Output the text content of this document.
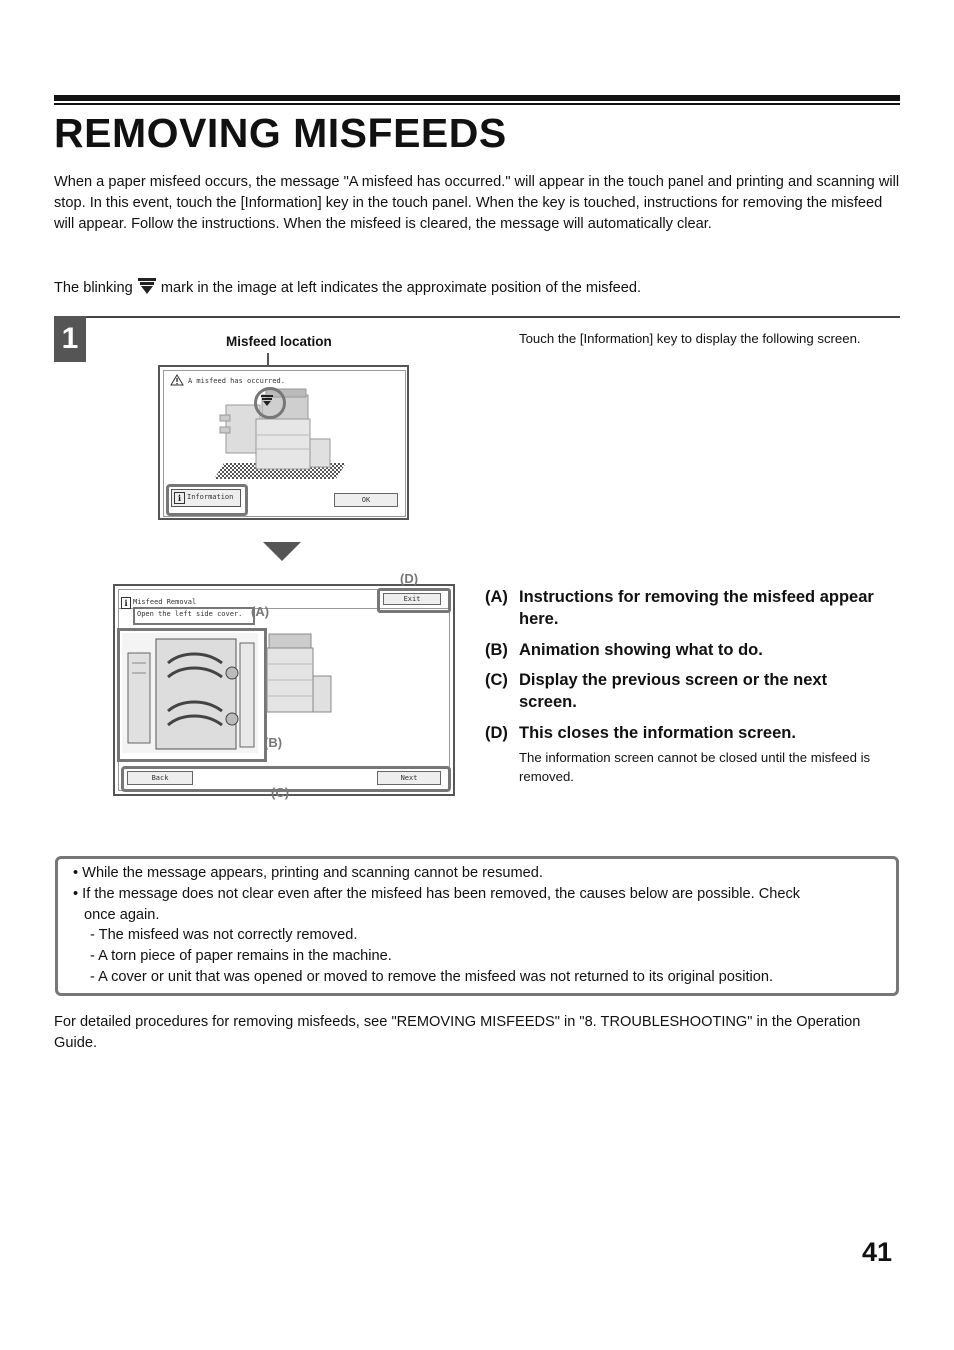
REMOVING MISFEEDS
When a paper misfeed occurs, the message "A misfeed has occurred." will appear in the touch panel and printing and scanning will stop. In this event, touch the [Information] key in the touch panel. When the key is touched, instructions for removing the misfeed will appear. Follow the instructions. When the misfeed is cleared, the message will automatically clear.
The blinking mark in the image at left indicates the approximate position of the misfeed.
1	Touch the [Information] key to display the following screen.
Misfeed location
A misfeed has occurred.
i Information	OK
i Misfeed Removal
Open the left side cover.
Exit
Back	Next
(D)
(A)
(B)
(C)
(A) Instructions for removing the misfeed appear here.
(B) Animation showing what to do.
(C) Display the previous screen or the next screen.
(D) This closes the information screen.
The information screen cannot be closed until the misfeed is removed.
• While the message appears, printing and scanning cannot be resumed.
• If the message does not clear even after the misfeed has been removed, the causes below are possible. Check
once again.
- The misfeed was not correctly removed.
- A torn piece of paper remains in the machine.
- A cover or unit that was opened or moved to remove the misfeed was not returned to its original position.
For detailed procedures for removing misfeeds, see "REMOVING MISFEEDS" in "8. TROUBLESHOOTING" in the Operation Guide.
41
